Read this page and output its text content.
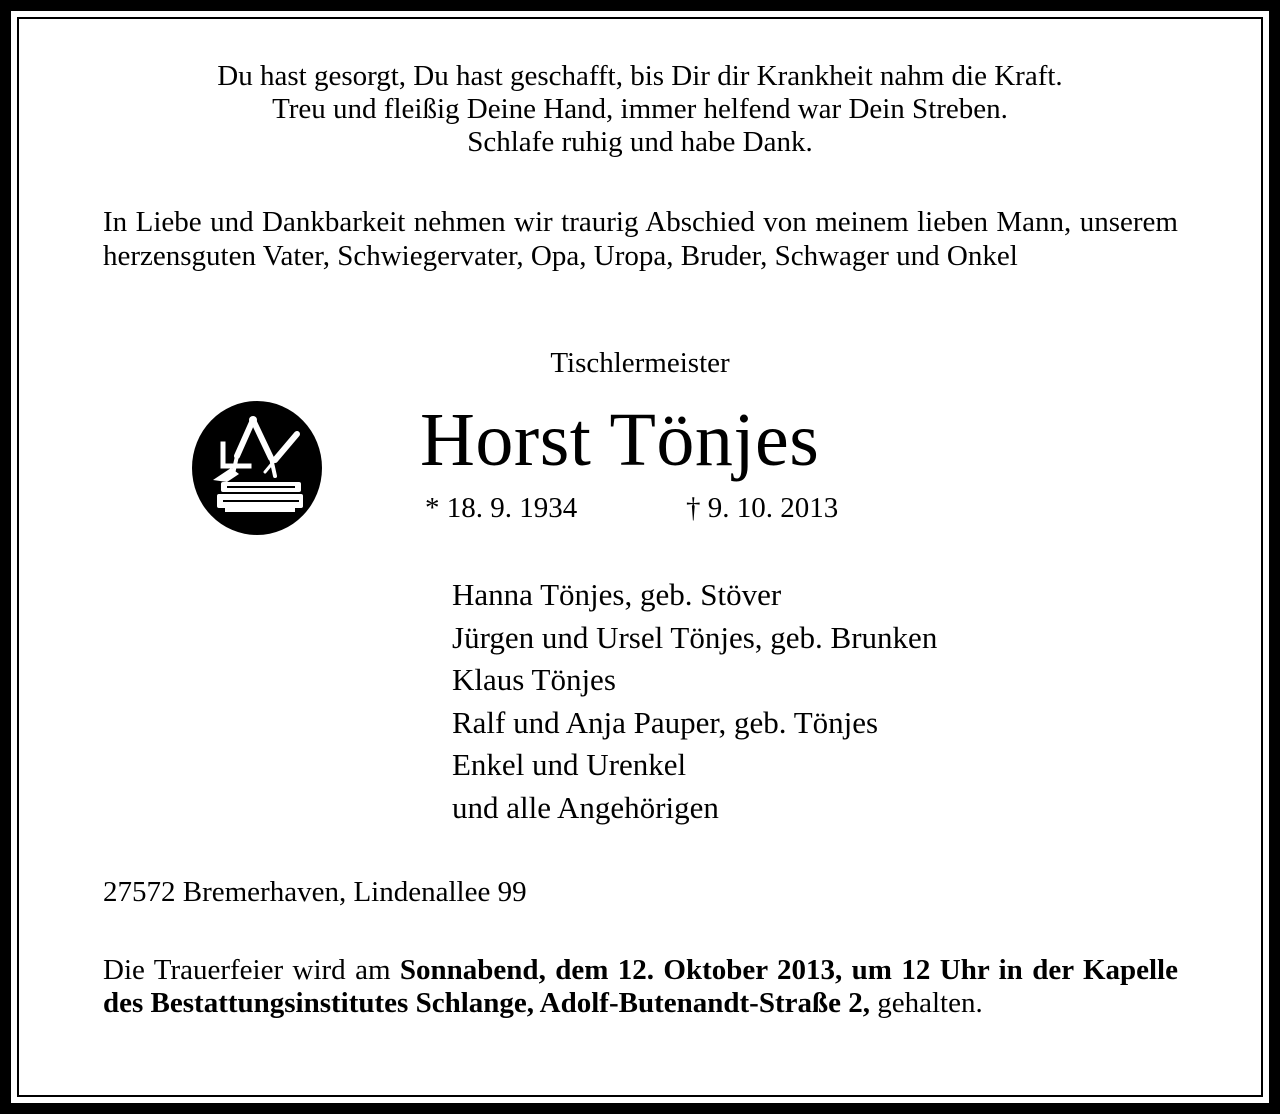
Du hast gesorgt, Du hast geschafft, bis Dir dir Krankheit nahm die Kraft.
Treu und fleißig Deine Hand, immer helfend war Dein Streben.
Schlafe ruhig und habe Dank.
In Liebe und Dankbarkeit nehmen wir traurig Abschied von meinem lieben Mann, unserem herzensguten Vater, Schwiegervater, Opa, Uropa, Bruder, Schwager und Onkel
Tischlermeister
Horst Tönjes
* 18. 9. 1934	† 9. 10. 2013
Hanna Tönjes, geb. Stöver
Jürgen und Ursel Tönjes, geb. Brunken
Klaus Tönjes
Ralf und Anja Pauper, geb. Tönjes
Enkel und Urenkel
und alle Angehörigen
27572 Bremerhaven, Lindenallee 99
Die Trauerfeier wird am Sonnabend, dem 12. Oktober 2013, um 12 Uhr in der Kapelle des Bestattungsinstitutes Schlange, Adolf-Butenandt-Straße 2, gehalten.
